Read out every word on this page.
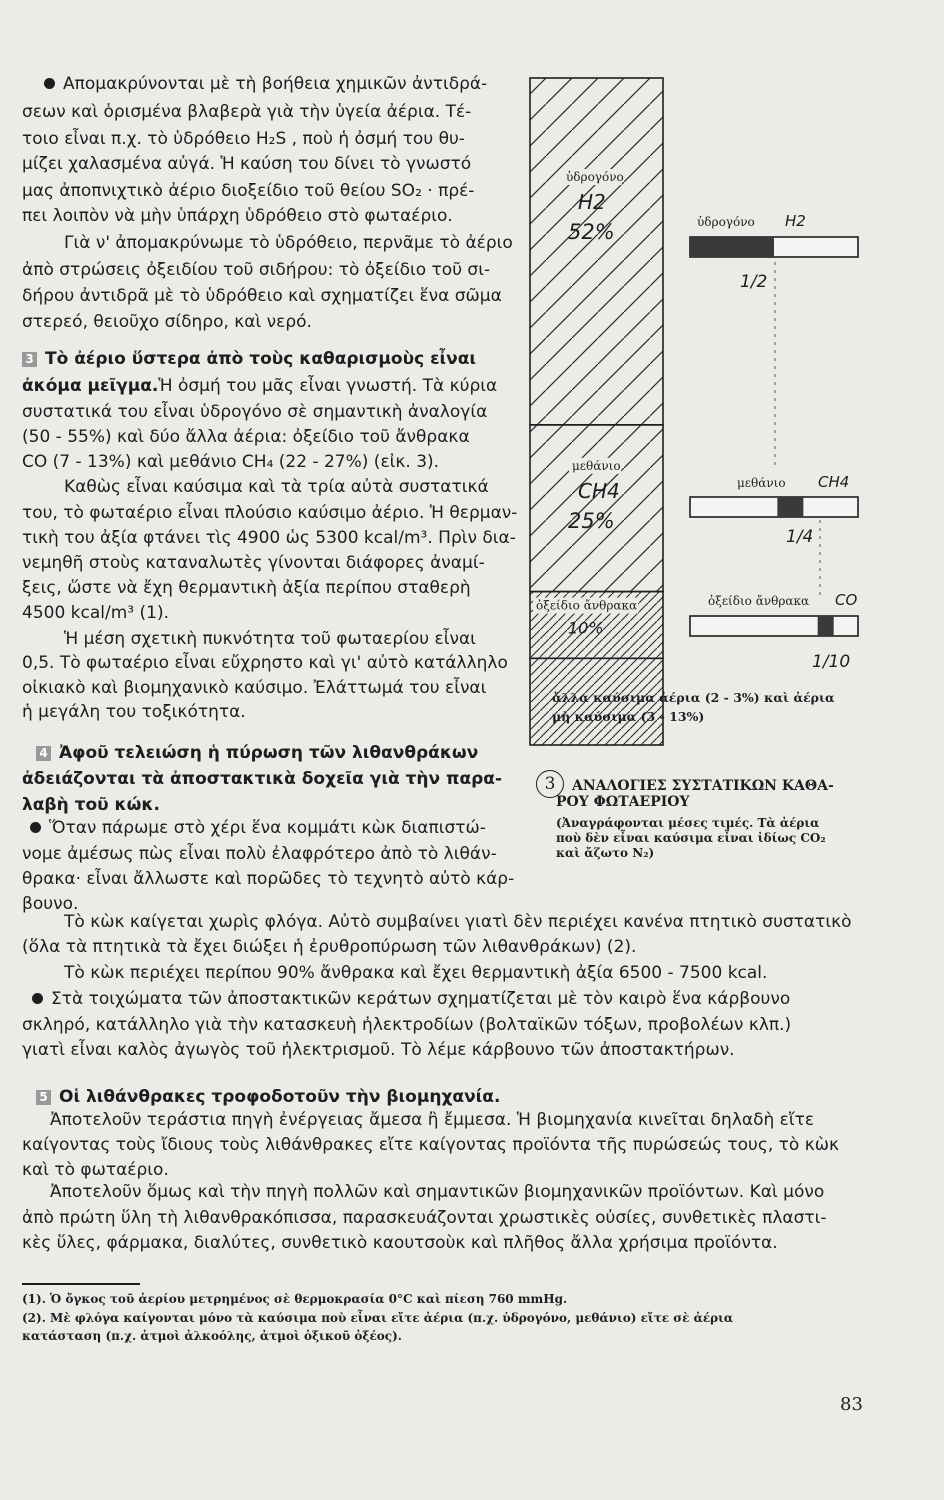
Απομακρύνονται μὲ τὴ βοήθεια χημικῶν ἀντιδρά-
σεων καὶ ὁρισμένα βλαβερὰ γιὰ τὴν ὑγεία ἀέρια. Τέ-
τοιο εἶναι π.χ. τὸ ὑδρόθειο H₂S , ποὺ ἡ ὀσμή του θυ-
μίζει χαλασμένα αὐγά. Ἡ καύση του δίνει τὸ γνωστό
μας ἀποπνιχτικὸ ἀέριο διοξείδιο τοῦ θείου SO₂ · πρέ-
πει λοιπὸν νὰ μὴν ὑπάρχη ὑδρόθειο στὸ φωταέριο.
Γιὰ ν' ἀπομακρύνωμε τὸ ὑδρόθειο, περνᾶμε τὸ ἀέριο
ἀπὸ στρώσεις ὀξειδίου τοῦ σιδήρου: τὸ ὀξείδιο τοῦ σι-
δήρου ἀντιδρᾶ μὲ τὸ ὑδρόθειο καὶ σχηματίζει ἕνα σῶμα
στερεό, θειοῦχο σίδηρο, καὶ νερό.
3 Τὸ ἀέριο ὕστερα ἀπὸ τοὺς καθαρισμοὺς εἶναι
ἀκόμα μεῖγμα.Ἡ ὀσμή του μᾶς εἶναι γνωστή. Τὰ κύρια
συστατικά του εἶναι ὑδρογόνο σὲ σημαντικὴ ἀναλογία
(50 - 55%) καὶ δύο ἄλλα ἀέρια: ὀξείδιο τοῦ ἄνθρακα
CO (7 - 13%) καὶ μεθάνιο CH₄ (22 - 27%) (εἰκ. 3).
Καθὼς εἶναι καύσιμα καὶ τὰ τρία αὐτὰ συστατικά
του, τὸ φωταέριο εἶναι πλούσιο καύσιμο ἀέριο. Ἡ θερμαν-
τικὴ του ἀξία φτάνει τὶς 4900 ὡς 5300 kcal/m³. Πρὶν δια-
νεμηθῆ στοὺς καταναλωτὲς γίνονται διάφορες ἀναμί-
ξεις, ὥστε νὰ ἔχη θερμαντικὴ ἀξία περίπου σταθερὴ
4500 kcal/m³ (1).
Ἡ μέση σχετικὴ πυκνότητα τοῦ φωταερίου εἶναι
0,5. Τὸ φωταέριο εἶναι εὔχρηστο καὶ γι' αὐτὸ κατάλληλο
οἰκιακὸ καὶ βιομηχανικὸ καύσιμο. Ἐλάττωμά του εἶναι
ἡ μεγάλη του τοξικότητα.
4 Ἀφοῦ τελειώση ἡ πύρωση τῶν λιθανθράκων
ἀδειάζονται τὰ ἀποστακτικὰ δοχεῖα γιὰ τὴν παρα-
λαβὴ τοῦ κώκ.
Ὅταν πάρωμε στὸ χέρι ἕνα κομμάτι κὼκ διαπιστώ-
νομε ἀμέσως πὼς εἶναι πολὺ ἐλαφρότερο ἀπὸ τὸ λιθάν-
θρακα· εἶναι ἄλλωστε καὶ πορῶδες τὸ τεχνητὸ αὐτὸ κάρ-
βουνο.
Τὸ κὼκ καίγεται χωρὶς φλόγα. Αὐτὸ συμβαίνει γιατὶ δὲν περιέχει κανένα πτητικὸ συστατικὸ
(ὅλα τὰ πτητικὰ τὰ ἔχει διώξει ἡ ἐρυθροπύρωση τῶν λιθανθράκων) (2).
Τὸ κὼκ περιέχει περίπου 90% ἄνθρακα καὶ ἔχει θερμαντικὴ ἀξία 6500 - 7500 kcal.
Στὰ τοιχώματα τῶν ἀποστακτικῶν κεράτων σχηματίζεται μὲ τὸν καιρὸ ἕνα κάρβουνο
σκληρό, κατάλληλο γιὰ τὴν κατασκευὴ ἠλεκτροδίων (βολταϊκῶν τόξων, προβολέων κλπ.)
γιατὶ εἶναι καλὸς ἀγωγὸς τοῦ ἠλεκτρισμοῦ. Τὸ λέμε κάρβουνο τῶν ἀποστακτήρων.
5 Οἱ λιθάνθρακες τροφοδοτοῦν τὴν βιομηχανία.
Ἀποτελοῦν τεράστια πηγὴ ἐνέργειας ἄμεσα ἢ ἔμμεσα. Ἡ βιομηχανία κινεῖται δηλαδὴ εἴτε
καίγοντας τοὺς ἴδιους τοὺς λιθάνθρακες εἴτε καίγοντας προϊόντα τῆς πυρώσεώς τους, τὸ κὼκ
καὶ τὸ φωταέριο.
Ἀποτελοῦν ὅμως καὶ τὴν πηγὴ πολλῶν καὶ σημαντικῶν βιομηχανικῶν προϊόντων. Καὶ μόνο
ἀπὸ πρώτη ὕλη τὴ λιθανθρακόπισσα, παρασκευάζονται χρωστικὲς οὐσίες, συνθετικὲς πλαστι-
κὲς ὕλες, φάρμακα, διαλύτες, συνθετικὸ καουτσοὺκ καὶ πλῆθος ἄλλα χρήσιμα προϊόντα.
ὑδρογόνο
H2
52%
μεθάνιο
CH4
25%
ὀξείδιο ἄνθρακα
10%
ὑδρογόνο H2
1/2
μεθάνιο CH4
1/4
ὀξείδιο ἄνθρακα CO
1/10
3	ΑΝΑΛΟΓΙΕΣ ΣΥΣΤΑΤΙΚΩΝ ΚΑΘΑ-
ΡΟΥ ΦΩΤΑΕΡΙΟΥ
(Ἀναγράφονται μέσες τιμές. Τὰ ἀέρια
ποὺ δὲν εἶναι καύσιμα εἶναι ἰδίως CO₂
καὶ ἄζωτο N₂)
ἄλλα καύσιμα ἀέρια (2 - 3%) καὶ ἀέρια
μὴ καύσιμα (3 - 13%)
(1). Ὁ ὄγκος τοῦ ἀερίου μετρημένος σὲ θερμοκρασία 0°C καὶ πίεση 760 mmHg.
(2). Μὲ φλόγα καίγονται μόνο τὰ καύσιμα ποὺ εἶναι εἴτε ἀέρια (π.χ. ὑδρογόνο, μεθάνιο) εἴτε σὲ ἀέρια
κατάσταση (π.χ. ἀτμοὶ ἀλκοόλης, ἀτμοὶ ὀξικοῦ ὀξέος).
83
